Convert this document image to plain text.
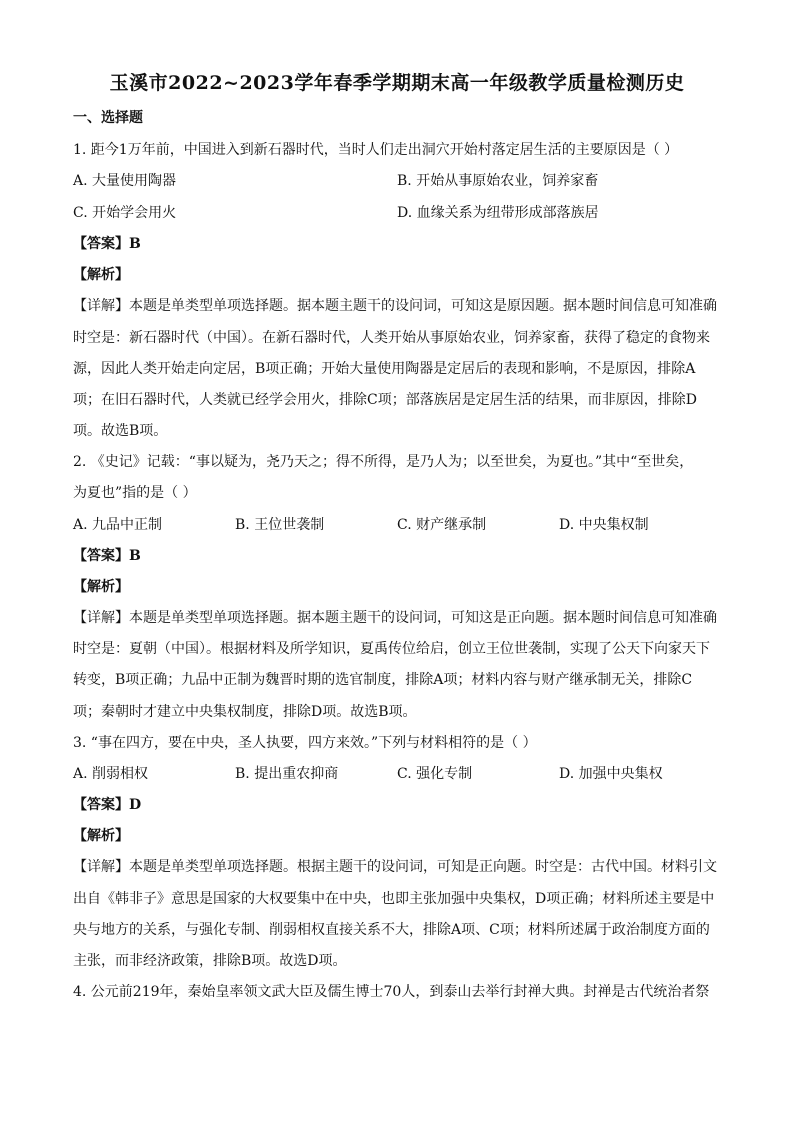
玉溪市2022~2023学年春季学期期末高一年级教学质量检测历史
一、选择题
1. 距今1万年前，中国进入到新石器时代，当时人们走出洞穴开始村落定居生活的主要原因是（ ）
A. 大量使用陶器	B. 开始从事原始农业，饲养家畜
C. 开始学会用火	D. 血缘关系为纽带形成部落族居
【答案】B
【解析】
【详解】本题是单类型单项选择题。据本题主题干的设问词，可知这是原因题。据本题时间信息可知准确
时空是：新石器时代（中国）。在新石器时代，人类开始从事原始农业，饲养家畜，获得了稳定的食物来
源，因此人类开始走向定居，B项正确；开始大量使用陶器是定居后的表现和影响，不是原因，排除A
项；在旧石器时代，人类就已经学会用火，排除C项；部落族居是定居生活的结果，而非原因，排除D
项。故选B项。
2. 《史记》记载：“事以疑为，尧乃天之；得不所得，是乃人为；以至世矣，为夏也。”其中“至世矣，
为夏也”指的是（ ）
A. 九品中正制	B. 王位世袭制	C. 财产继承制	D. 中央集权制
【答案】B
【解析】
【详解】本题是单类型单项选择题。据本题主题干的设问词，可知这是正向题。据本题时间信息可知准确
时空是：夏朝（中国）。根据材料及所学知识，夏禹传位给启，创立王位世袭制，实现了公天下向家天下
转变，B项正确；九品中正制为魏晋时期的选官制度，排除A项；材料内容与财产继承制无关，排除C
项；秦朝时才建立中央集权制度，排除D项。故选B项。
3. “事在四方，要在中央，圣人执要，四方来效。”下列与材料相符的是（ ）
A. 削弱相权	B. 提出重农抑商	C. 强化专制	D. 加强中央集权
【答案】D
【解析】
【详解】本题是单类型单项选择题。根据主题干的设问词，可知是正向题。时空是：古代中国。材料引文
出自《韩非子》意思是国家的大权要集中在中央，也即主张加强中央集权，D项正确；材料所述主要是中
央与地方的关系，与强化专制、削弱相权直接关系不大，排除A项、C项；材料所述属于政治制度方面的
主张，而非经济政策，排除B项。故选D项。
4. 公元前219年，秦始皇率领文武大臣及儒生博士70人，到泰山去举行封禅大典。封禅是古代统治者祭
